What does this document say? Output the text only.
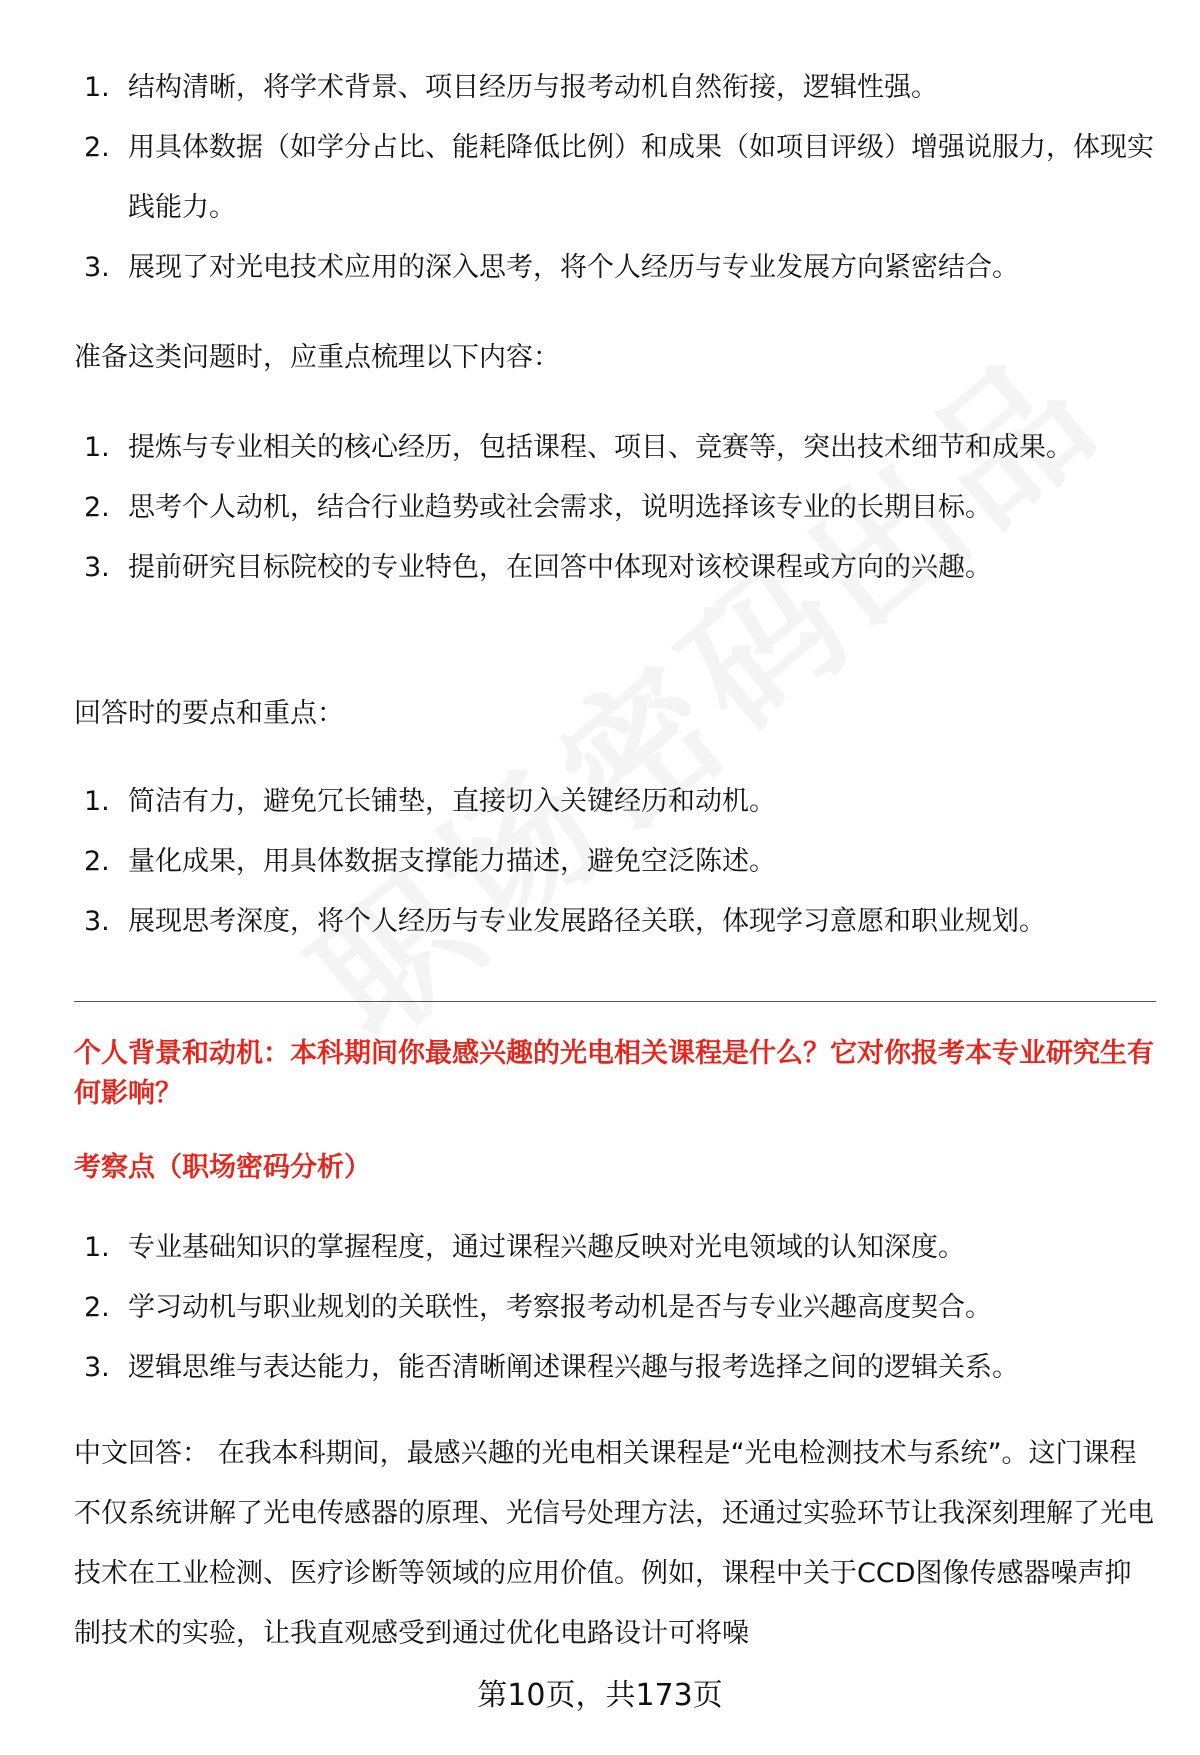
1. 结构清晰，将学术背景、项目经历与报考动机自然衔接，逻辑性强。
2. 用具体数据（如学分占比、能耗降低比例）和成果（如项目评级）增强说服力，体现实践能力。
3. 展现了对光电技术应用的深入思考，将个人经历与专业发展方向紧密结合。

准备这类问题时，应重点梳理以下内容：

1. 提炼与专业相关的核心经历，包括课程、项目、竞赛等，突出技术细节和成果。
2. 思考个人动机，结合行业趋势或社会需求，说明选择该专业的长期目标。
3. 提前研究目标院校的专业特色，在回答中体现对该校课程或方向的兴趣。

回答时的要点和重点：

1. 简洁有力，避免冗长铺垫，直接切入关键经历和动机。
2. 量化成果，用具体数据支撑能力描述，避免空泛陈述。
3. 展现思考深度，将个人经历与专业发展路径关联，体现学习意愿和职业规划。

个人背景和动机：本科期间你最感兴趣的光电相关课程是什么？它对你报考本专业研究生有何影响？

考察点（职场密码分析）

1. 专业基础知识的掌握程度，通过课程兴趣反映对光电领域的认知深度。
2. 学习动机与职业规划的关联性，考察报考动机是否与专业兴趣高度契合。
3. 逻辑思维与表达能力，能否清晰阐述课程兴趣与报考选择之间的逻辑关系。

中文回答： 在我本科期间，最感兴趣的光电相关课程是“光电检测技术与系统”。这门课程不仅系统讲解了光电传感器的原理、光信号处理方法，还通过实验环节让我深刻理解了光电技术在工业检测、医疗诊断等领域的应用价值。例如，课程中关于CCD图像传感器噪声抑制技术的实验，让我直观感受到通过优化电路设计可将噪

第10页，共173页
